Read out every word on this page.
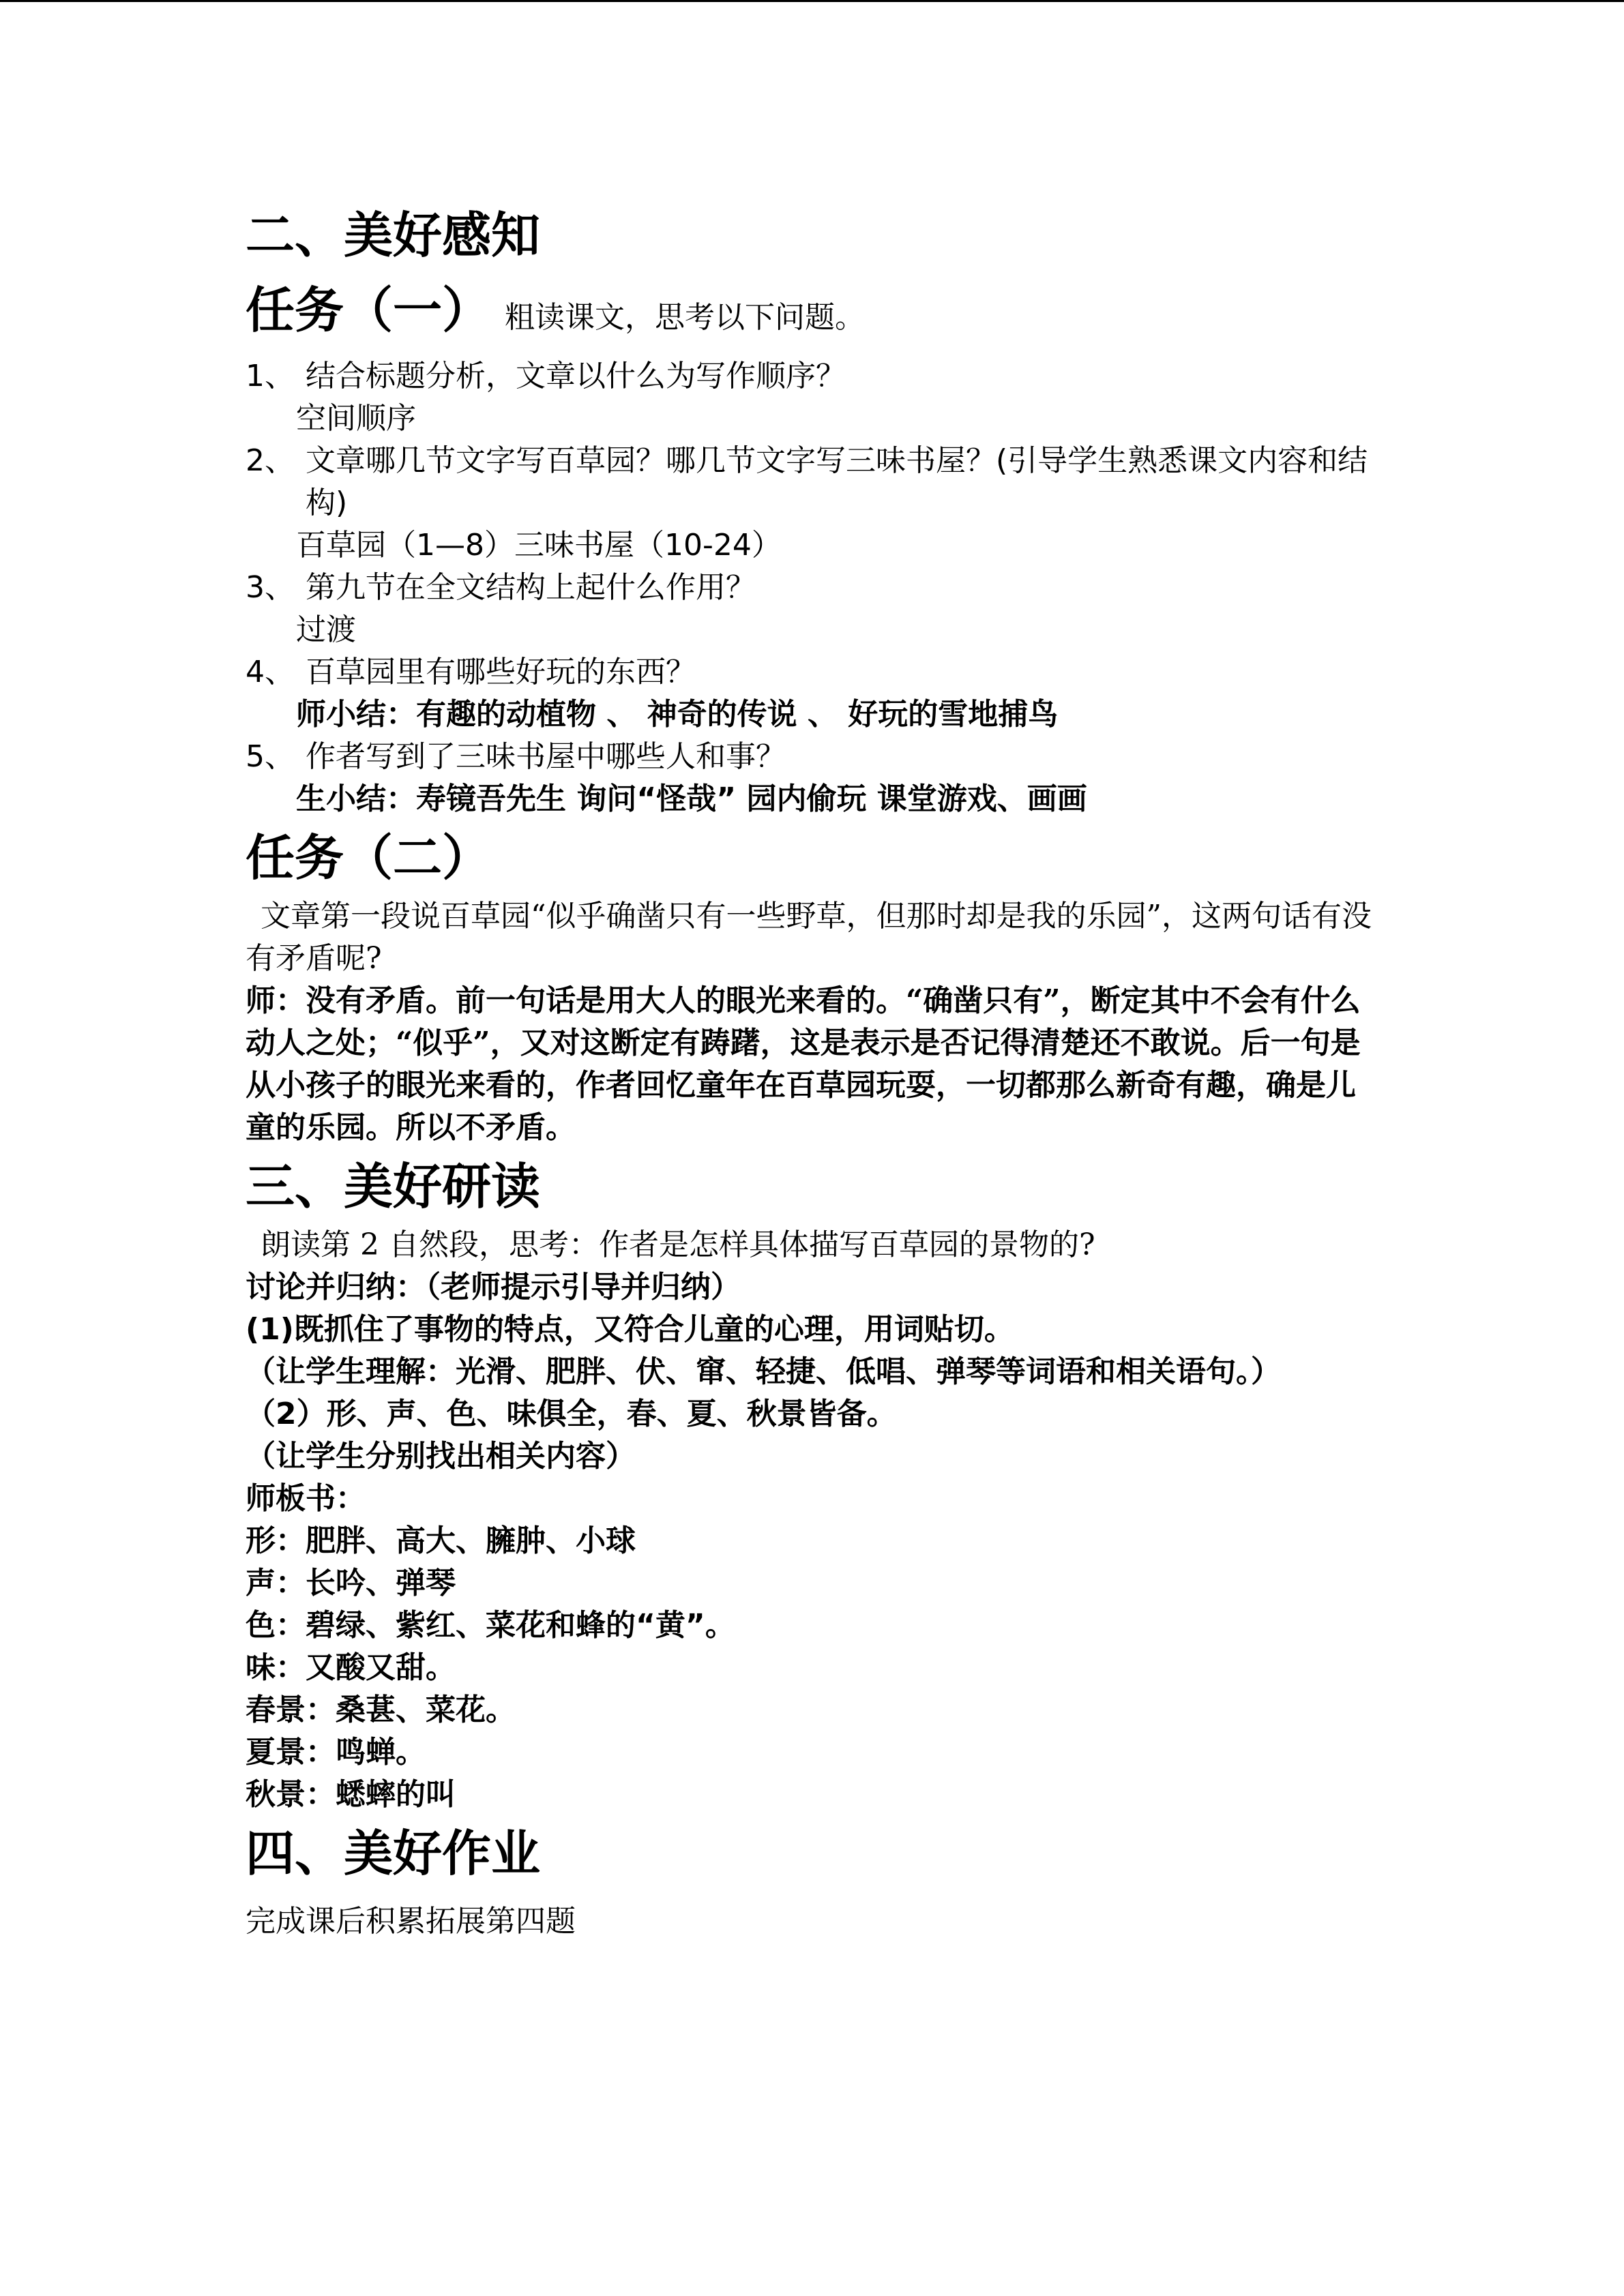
二、美好感知
任务（一） 粗读课文，思考以下问题。
1、 结合标题分析，文章以什么为写作顺序？
空间顺序
2、 文章哪几节文字写百草园？哪几节文字写三味书屋？(引导学生熟悉课文内容和结构)
百草园（1—8）三味书屋（10-24）
3、 第九节在全文结构上起什么作用？
过渡
4、 百草园里有哪些好玩的东西？
师小结：有趣的动植物 、 神奇的传说 、 好玩的雪地捕鸟
5、 作者写到了三味书屋中哪些人和事？
生小结：寿镜吾先生 询问“怪哉” 园内偷玩 课堂游戏、画画
任务（二）

文章第一段说百草园“似乎确凿只有一些野草，但那时却是我的乐园”，这两句话有没有矛盾呢?

师：没有矛盾。前一句话是用大人的眼光来看的。“确凿只有”，断定其中不会有什么动人之处；“似乎”，又对这断定有踌躇，这是表示是否记得清楚还不敢说。后一句是从小孩子的眼光来看的，作者回忆童年在百草园玩耍，一切都那么新奇有趣，确是儿童的乐园。所以不矛盾。

三、美好研读

朗读第 2 自然段，思考：作者是怎样具体描写百草园的景物的?

讨论并归纳：（老师提示引导并归纳）

(1)既抓住了事物的特点，又符合儿童的心理，用词贴切。

（让学生理解：光滑、肥胖、伏、窜、轻捷、低唱、弹琴等词语和相关语句。）

（2）形、声、色、味俱全，春、夏、秋景皆备。

（让学生分别找出相关内容）

师板书：

形：肥胖、高大、臃肿、小球

声：长吟、弹琴

色：碧绿、紫红、菜花和蜂的“黄”。

味：又酸又甜。

春景：桑葚、菜花。

夏景：鸣蝉。

秋景：蟋蟀的叫

四、美好作业

完成课后积累拓展第四题
